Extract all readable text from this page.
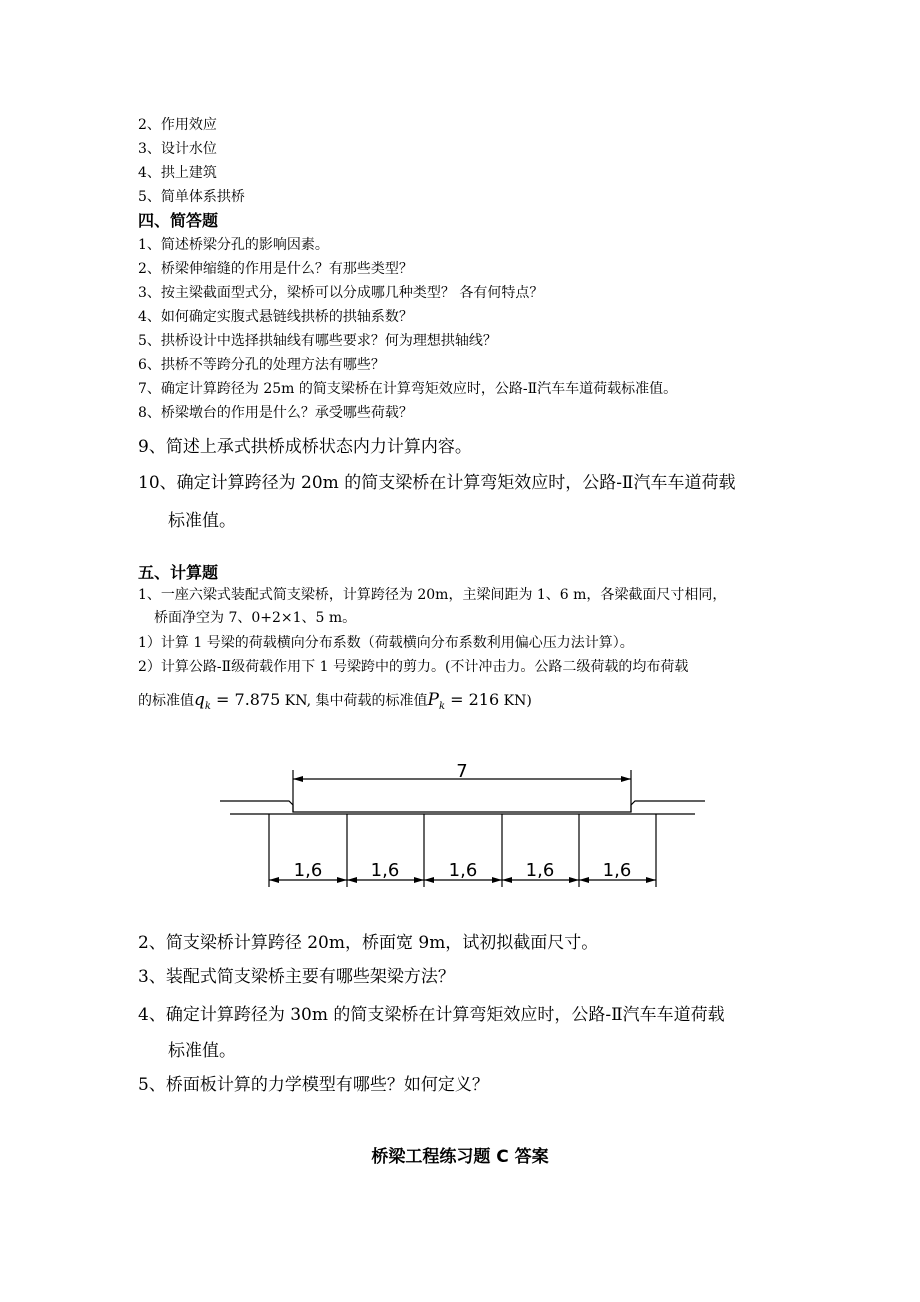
2、作用效应
3、设计水位
4、拱上建筑
5、简单体系拱桥
四、简答题
1、简述桥梁分孔的影响因素。
2、桥梁伸缩缝的作用是什么？有那些类型？
3、按主梁截面型式分，梁桥可以分成哪几种类型？ 各有何特点？
4、如何确定实腹式悬链线拱桥的拱轴系数？
5、拱桥设计中选择拱轴线有哪些要求？何为理想拱轴线？
6、拱桥不等跨分孔的处理方法有哪些？
7、确定计算跨径为 25m 的简支梁桥在计算弯矩效应时，公路-Ⅱ汽车车道荷载标准值。
8、桥梁墩台的作用是什么？承受哪些荷载？
9、简述上承式拱桥成桥状态内力计算内容。
10、确定计算跨径为 20m 的简支梁桥在计算弯矩效应时，公路-Ⅱ汽车车道荷载
标准值。
五、计算题
1、一座六梁式装配式简支梁桥，计算跨径为 20m，主梁间距为 1、6 m，各梁截面尺寸相同，
桥面净空为 7、0+2×1、5 m。
1）计算 1 号梁的荷载横向分布系数（荷载横向分布系数利用偏心压力法计算）。
2）计算公路-Ⅱ级荷载作用下 1 号梁跨中的剪力。(不计冲击力。公路二级荷载的均布荷载
的标准值$q_k = 7.875$ KN, 集中荷载的标准值$P_k = 216$ KN)
7
1,6	1,6	1,6	1,6	1,6
2、简支梁桥计算跨径 20m，桥面宽 9m，试初拟截面尺寸。
3、装配式简支梁桥主要有哪些架梁方法？
4、确定计算跨径为 30m 的简支梁桥在计算弯矩效应时，公路-Ⅱ汽车车道荷载
标准值。
5、桥面板计算的力学模型有哪些？如何定义？
桥梁工程练习题 C 答案
